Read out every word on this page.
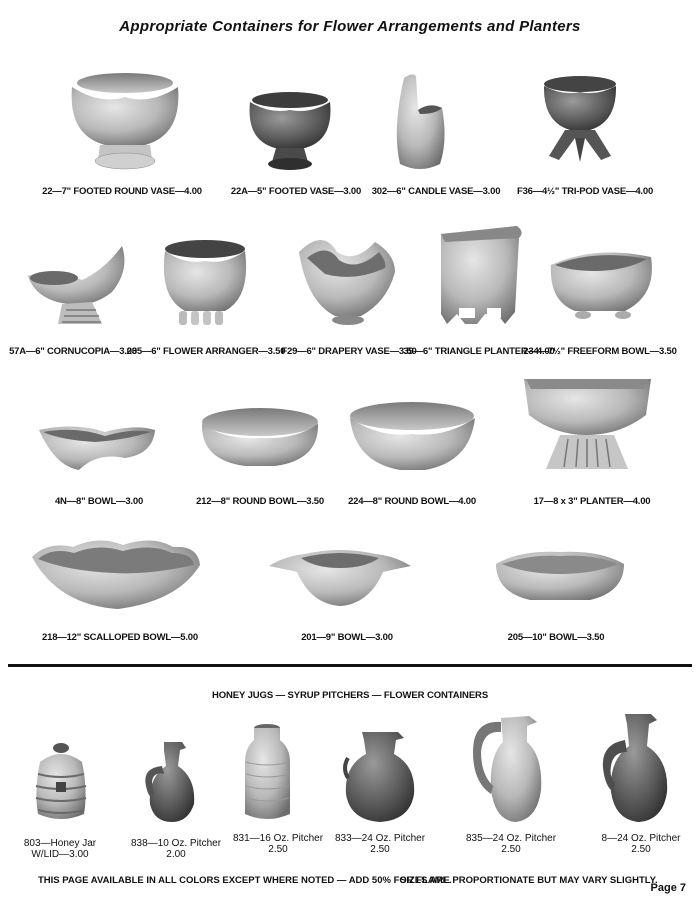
Appropriate Containers for Flower Arrangements and Planters
22—7" FOOTED ROUND VASE—4.00	22A—5" FOOTED VASE—3.00 302—6" CANDLE VASE—3.00 F36—4½" TRI-POD VASE—4.00
57A—6" CORNUCOPIA—3.00
235—6" FLOWER ARRANGER—3.50
F29—6" DRAPERY VASE—3.50
39—6" TRIANGLE PLANTER—4.00
234—7½" FREEFORM BOWL—3.50
4N—8" BOWL—3.00	212—8" ROUND BOWL—3.50	224—8" ROUND BOWL—4.00	17—8 x 3" PLANTER—4.00
218—12" SCALLOPED BOWL—5.00	201—9" BOWL—3.00	205—10" BOWL—3.50
HONEY JUGS — SYRUP PITCHERS — FLOWER CONTAINERS
803—Honey Jar
W/LID—3.00
838—10 Oz. Pitcher
2.00
831—16 Oz. Pitcher
2.50
833—24 Oz. Pitcher
2.50
835—24 Oz. Pitcher
2.50
8—24 Oz. Pitcher
2.50
THIS PAGE AVAILABLE IN ALL COLORS EXCEPT WHERE NOTED — ADD 50% FOR FLAME.
SIZES ARE PROPORTIONATE BUT MAY VARY SLIGHTLY.
Page 7
